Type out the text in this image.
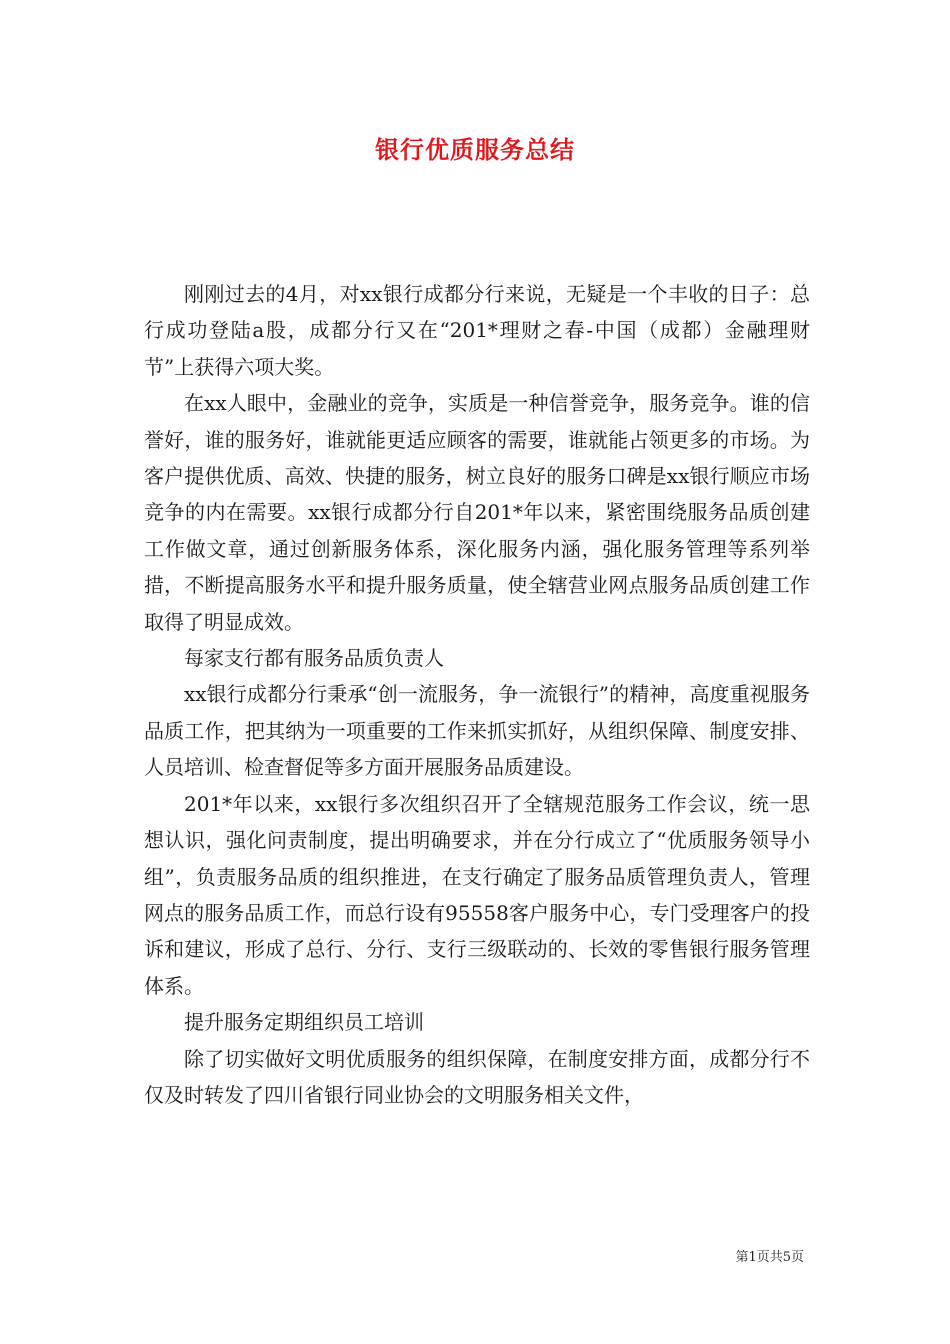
银行优质服务总结

刚刚过去的4月，对xx银行成都分行来说，无疑是一个丰收的日子：总行成功登陆a股，成都分行又在“201*理财之春-中国（成都）金融理财节”上获得六项大奖。

在xx人眼中，金融业的竞争，实质是一种信誉竞争，服务竞争。谁的信誉好，谁的服务好，谁就能更适应顾客的需要，谁就能占领更多的市场。为客户提供优质、高效、快捷的服务，树立良好的服务口碑是xx银行顺应市场竞争的内在需要。xx银行成都分行自201*年以来，紧密围绕服务品质创建工作做文章，通过创新服务体系，深化服务内涵，强化服务管理等系列举措，不断提高服务水平和提升服务质量，使全辖营业网点服务品质创建工作取得了明显成效。

每家支行都有服务品质负责人

xx银行成都分行秉承“创一流服务，争一流银行”的精神，高度重视服务品质工作，把其纳为一项重要的工作来抓实抓好，从组织保障、制度安排、人员培训、检查督促等多方面开展服务品质建设。

201*年以来，xx银行多次组织召开了全辖规范服务工作会议，统一思想认识，强化问责制度，提出明确要求，并在分行成立了“优质服务领导小组”，负责服务品质的组织推进，在支行确定了服务品质管理负责人，管理网点的服务品质工作，而总行设有95558客户服务中心，专门受理客户的投诉和建议，形成了总行、分行、支行三级联动的、长效的零售银行服务管理体系。

提升服务定期组织员工培训

除了切实做好文明优质服务的组织保障，在制度安排方面，成都分行不仅及时转发了四川省银行同业协会的文明服务相关文件，

第1页共5页
